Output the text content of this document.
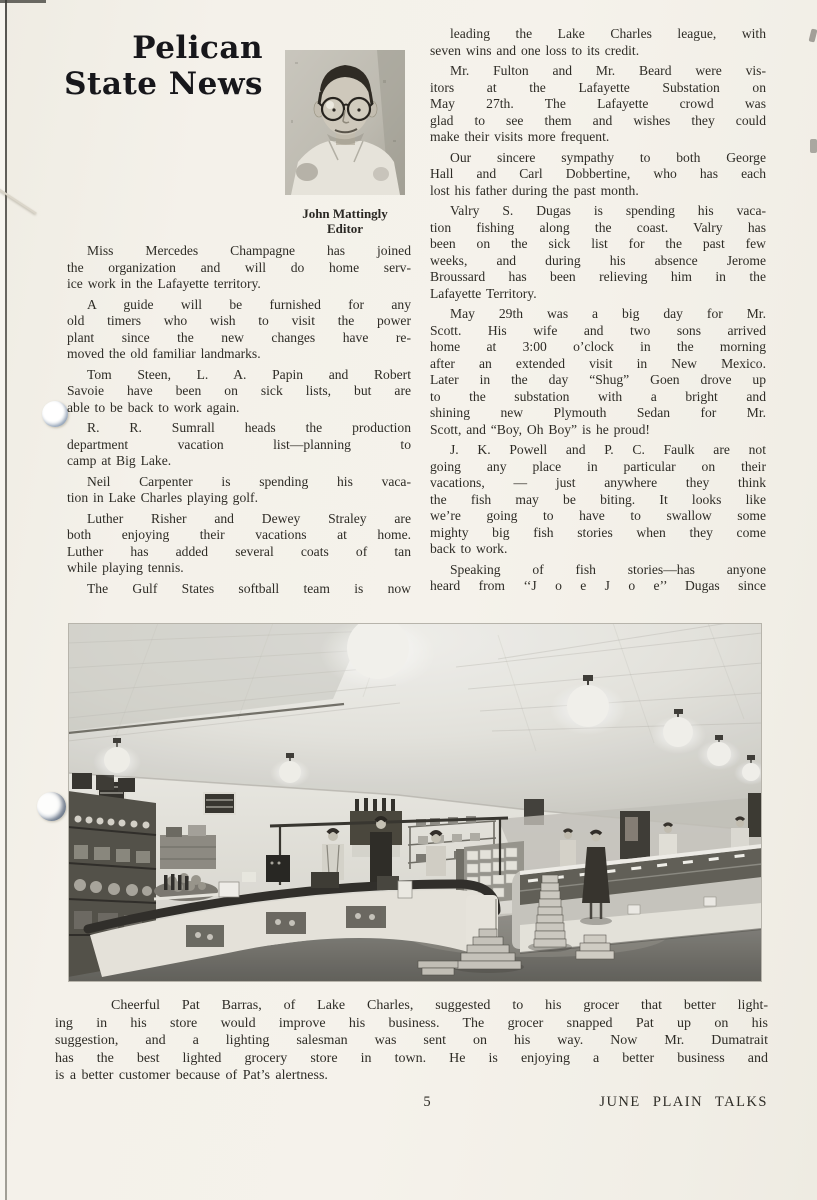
Pelican
State News
John Mattingly
Editor
Miss Mercedes Champagne has joined
the organization and will do home serv-
ice work in the Lafayette territory.
A guide will be furnished for any
old timers who wish to visit the power
plant since the new changes have re-
moved the old familiar landmarks.
Tom Steen, L. A. Papin and Robert
Savoie have been on sick lists, but are
able to be back to work again.
R. R. Sumrall heads the production
department vacation list—planning to
camp at Big Lake.
Neil Carpenter is spending his vaca-
tion in Lake Charles playing golf.
Luther Risher and Dewey Straley are
both enjoying their vacations at home.
Luther has added several coats of tan
while playing tennis.
The Gulf States softball team is now
leading the Lake Charles league, with
seven wins and one loss to its credit.
Mr. Fulton and Mr. Beard were vis-
itors at the Lafayette Substation on
May 27th. The Lafayette crowd was
glad to see them and wishes they could
make their visits more frequent.
Our sincere sympathy to both George
Hall and Carl Dobbertine, who has each
lost his father during the past month.
Valry S. Dugas is spending his vaca-
tion fishing along the coast. Valry has
been on the sick list for the past few
weeks, and during his absence Jerome
Broussard has been relieving him in the
Lafayette Territory.
May 29th was a big day for Mr.
Scott. His wife and two sons arrived
home at 3:00 o’clock in the morning
after an extended visit in New Mexico.
Later in the day “Shug” Goen drove up
to the substation with a bright and
shining new Plymouth Sedan for Mr.
Scott, and “Boy, Oh Boy” is he proud!
J. K. Powell and P. C. Faulk are not
going any place in particular on their
vacations, — just anywhere they think
the fish may be biting. It looks like
we’re going to have to swallow some
mighty big fish stories when they come
back to work.
Speaking of fish stories—has anyone
heard from ‘‘J o e J o e’’ Dugas since
Cheerful Pat Barras, of Lake Charles, suggested to his grocer that better light-
ing in his store would improve his business. The grocer snapped Pat up on his
suggestion, and a lighting salesman was sent on his way. Now Mr. Dumatrait
has the best lighted grocery store in town. He is enjoying a better business and
is a better customer because of Pat’s alertness.
5	JUNE PLAIN TALKS
